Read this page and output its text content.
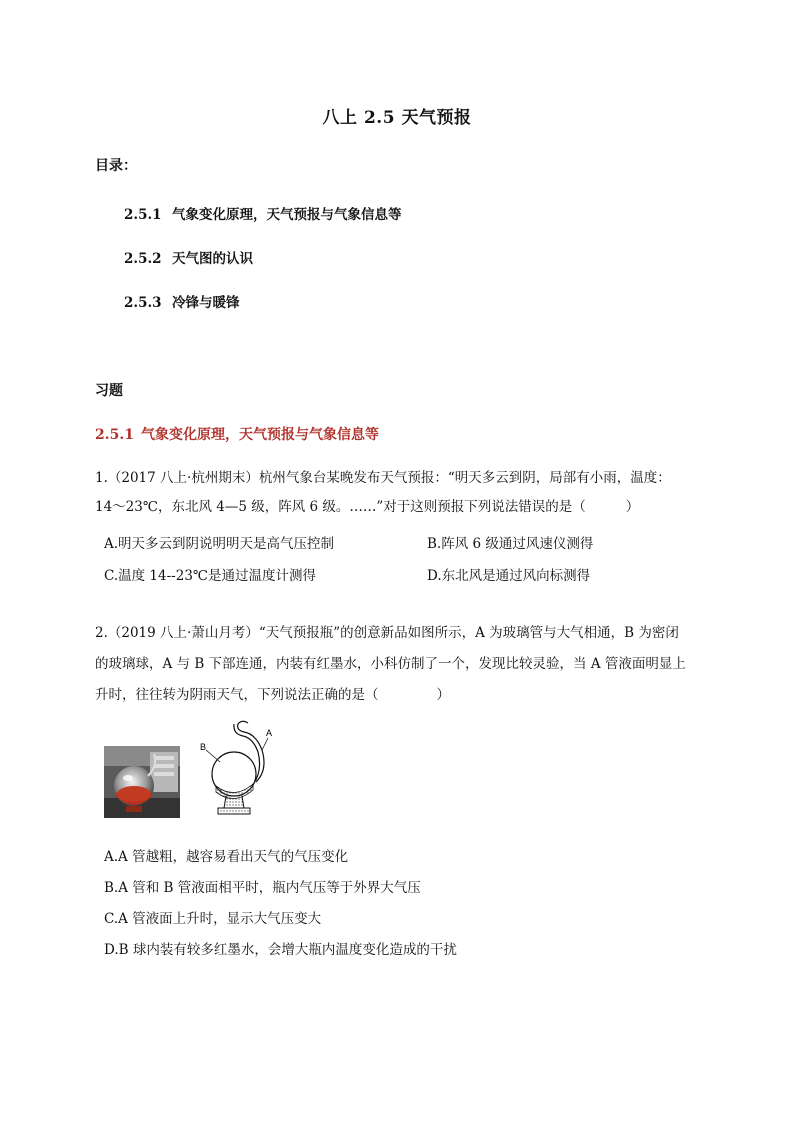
八上 2.5 天气预报
目录：
2.5.1 气象变化原理，天气预报与气象信息等
2.5.2 天气图的认识
2.5.3 冷锋与暖锋
习题
2.5.1 气象变化原理，天气预报与气象信息等
1.（2017 八上·杭州期末）杭州气象台某晚发布天气预报：“明天多云到阴，局部有小雨，温度：
14～23℃，东北风 4—5 级，阵风 6 级。……”对于这则预报下列说法错误的是（	）
A.明天多云到阴说明明天是高气压控制	B.阵风 6 级通过风速仪测得
C.温度 14--23℃是通过温度计测得	D.东北风是通过风向标测得
2.（2019 八上·萧山月考）“天气预报瓶”的创意新品如图所示，A 为玻璃管与大气相通，B 为密闭
的玻璃球，A 与 B 下部连通，内装有红墨水，小科仿制了一个，发现比较灵验，当 A 管液面明显上
升时，往往转为阴雨天气，下列说法正确的是（	）
B
A
A.A 管越粗，越容易看出天气的气压变化
B.A 管和 B 管液面相平时，瓶内气压等于外界大气压
C.A 管液面上升时，显示大气压变大
D.B 球内装有较多红墨水，会增大瓶内温度变化造成的干扰
